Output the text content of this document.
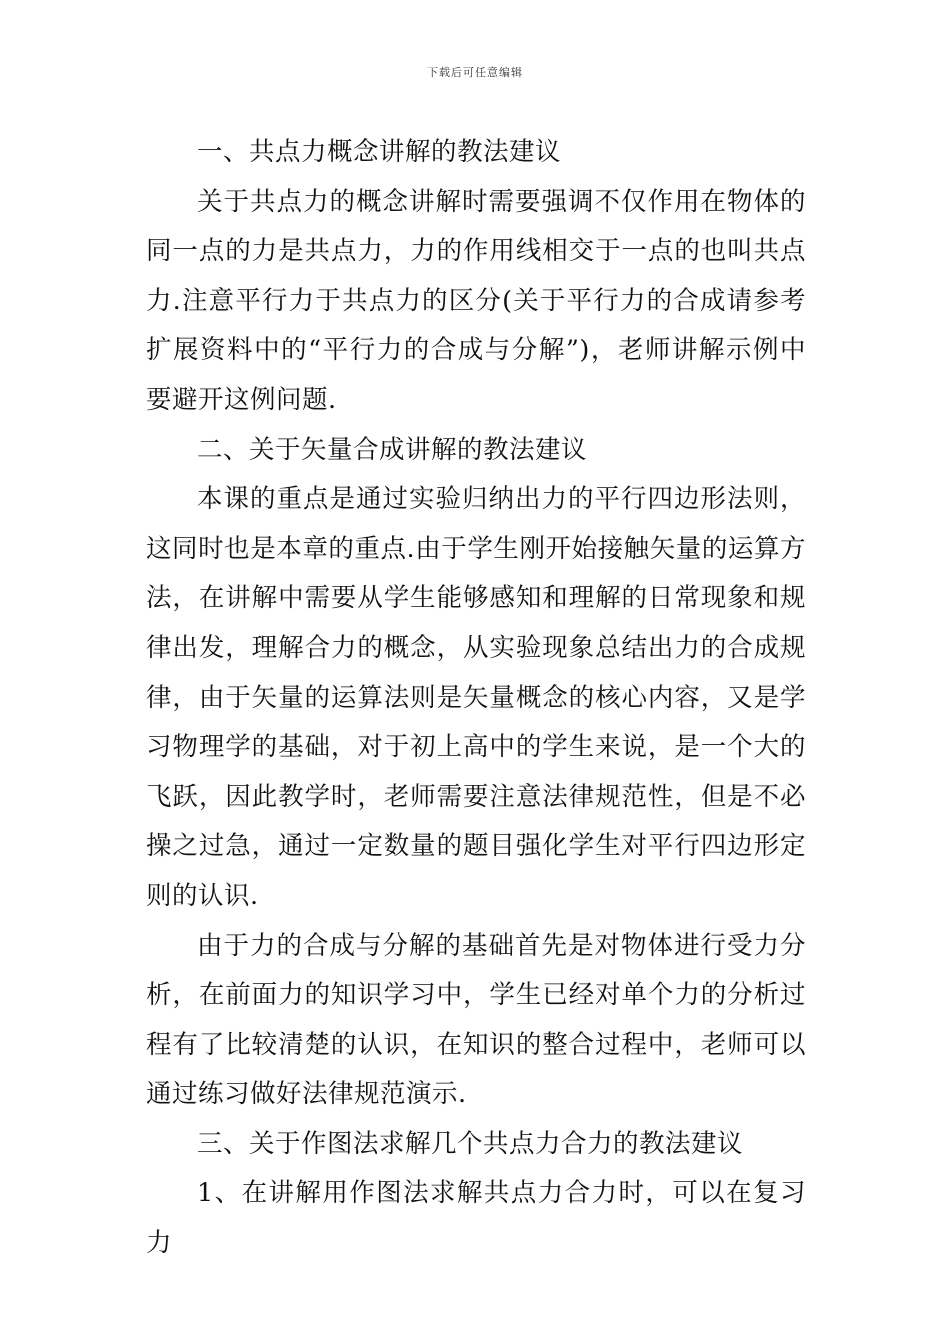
下载后可任意编辑

一、共点力概念讲解的教法建议

关于共点力的概念讲解时需要强调不仅作用在物体的同一点的力是共点力，力的作用线相交于一点的也叫共点力.注意平行力于共点力的区分(关于平行力的合成请参考扩展资料中的“平行力的合成与分解”)，老师讲解示例中要避开这例问题.

二、关于矢量合成讲解的教法建议

本课的重点是通过实验归纳出力的平行四边形法则，这同时也是本章的重点.由于学生刚开始接触矢量的运算方法，在讲解中需要从学生能够感知和理解的日常现象和规律出发，理解合力的概念，从实验现象总结出力的合成规律，由于矢量的运算法则是矢量概念的核心内容，又是学习物理学的基础，对于初上高中的学生来说，是一个大的飞跃，因此教学时，老师需要注意法律规范性，但是不必操之过急，通过一定数量的题目强化学生对平行四边形定则的认识.

由于力的合成与分解的基础首先是对物体进行受力分析，在前面力的知识学习中，学生已经对单个力的分析过程有了比较清楚的认识，在知识的整合过程中，老师可以通过练习做好法律规范演示.

三、关于作图法求解几个共点力合力的教法建议

1、在讲解用作图法求解共点力合力时，可以在复习力
